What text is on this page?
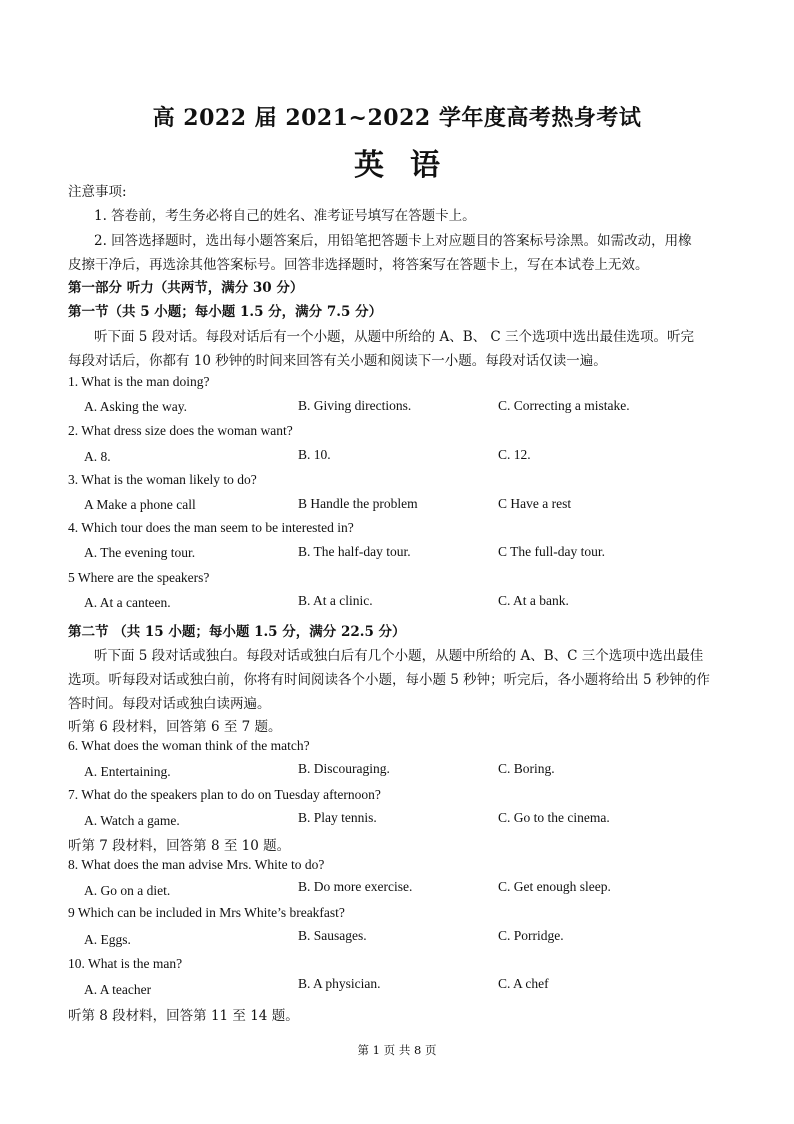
高 2022 届 2021~2022 学年度高考热身考试
英语
注意事项:
1. 答卷前，考生务必将自己的姓名、准考证号填写在答题卡上。
2. 回答选择题时，选出每小题答案后，用铅笔把答题卡上对应题目的答案标号涂黑。如需改动，用橡
皮擦干净后，再选涂其他答案标号。回答非选择题时，将答案写在答题卡上，写在本试卷上无效。
第一部分 听力（共两节，满分 30 分）
第一节（共 5 小题；每小题 1.5 分，满分 7.5 分）
听下面 5 段对话。每段对话后有一个小题，从题中所给的 A、B、 C 三个选项中选出最佳选项。听完
每段对话后，你都有 10 秒钟的时间来回答有关小题和阅读下一小题。每段对话仅读一遍。
1. What is the man doing?
A. Asking the way.	B. Giving directions.	C. Correcting a mistake.
2. What dress size does the woman want?
A. 8.	B. 10.	C. 12.
3. What is the woman likely to do?
A Make a phone call	B Handle the problem	C Have a rest
4. Which tour does the man seem to be interested in?
A. The evening tour.	B. The half-day tour.	C The full-day tour.
5 Where are the speakers?
A. At a canteen.	B. At a clinic.	C. At a bank.
第二节 （共 15 小题；每小题 1.5 分，满分 22.5 分）
听下面 5 段对话或独白。每段对话或独白后有几个小题，从题中所给的 A、B、C 三个选项中选出最佳
选项。听每段对话或独白前，你将有时间阅读各个小题，每小题 5 秒钟；听完后，各小题将给出 5 秒钟的作
答时间。每段对话或独白读两遍。
听第 6 段材料，回答第 6 至 7 题。
6. What does the woman think of the match?
A. Entertaining.	B. Discouraging.	C. Boring.
7. What do the speakers plan to do on Tuesday afternoon?
A. Watch a game.	B. Play tennis.	C. Go to the cinema.
听第 7 段材料，回答第 8 至 10 题。
8. What does the man advise Mrs. White to do?
A. Go on a diet.	B. Do more exercise.	C. Get enough sleep.
9 Which can be included in Mrs White’s breakfast?
A. Eggs.	B. Sausages.	C. Porridge.
10. What is the man?
A. A teacher	B. A physician.	C. A chef
听第 8 段材料，回答第 11 至 14 题。
第 1 页 共 8 页
